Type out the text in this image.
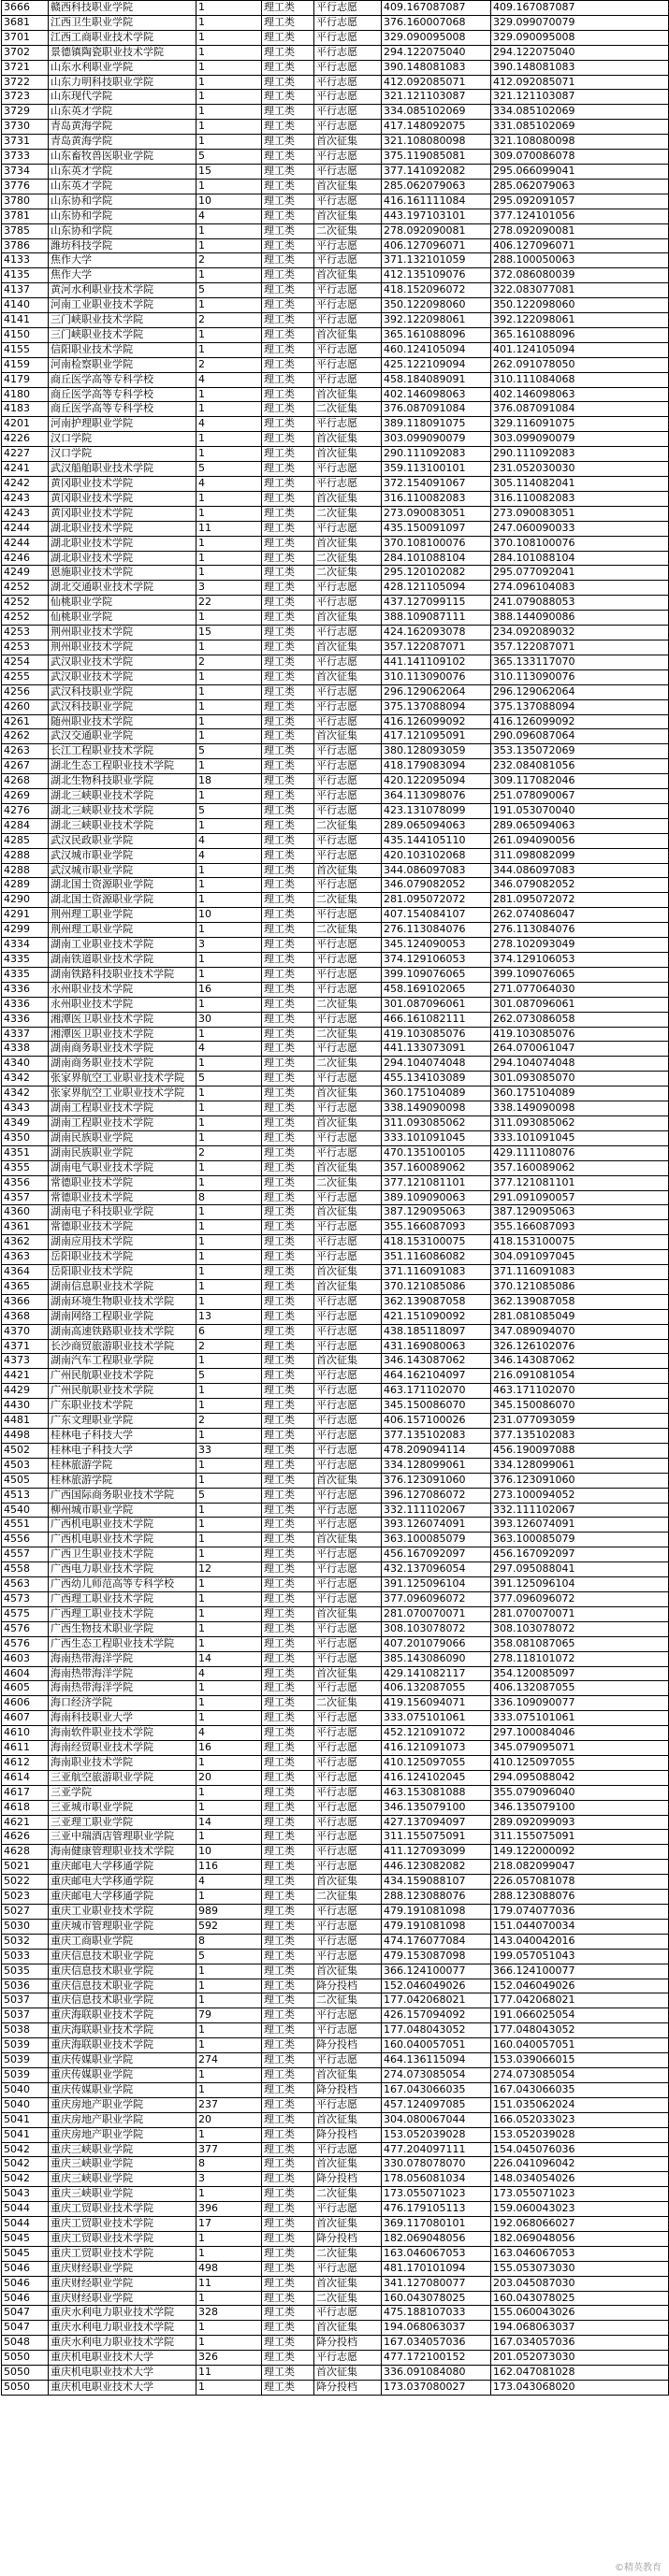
3666	赣西科技职业学院	1	理工类	平行志愿	409.167087087	409.167087087
3681	江西卫生职业学院	1	理工类	平行志愿	376.160007068	329.099070079
3701	江西工商职业技术学院	1	理工类	平行志愿	329.090095008	329.090095008
3702	景德镇陶瓷职业技术学院	1	理工类	平行志愿	294.122075040	294.122075040
3721	山东水利职业学院	1	理工类	平行志愿	390.148081083	390.148081083
3722	山东力明科技职业学院	1	理工类	平行志愿	412.092085071	412.092085071
3723	山东现代学院	1	理工类	平行志愿	321.121103087	321.121103087
3729	山东英才学院	1	理工类	平行志愿	334.085102069	334.085102069
3730	青岛黄海学院	1	理工类	平行志愿	417.148092075	331.085102069
3731	青岛黄海学院	1	理工类	首次征集	321.108080098	321.108080098
3733	山东畜牧兽医职业学院	5	理工类	平行志愿	375.119085081	309.070086078
3734	山东英才学院	15	理工类	平行志愿	377.141092082	295.066099041
3776	山东英才学院	1	理工类	首次征集	285.062079063	285.062079063
3780	山东协和学院	10	理工类	平行志愿	416.161111084	295.092091057
3781	山东协和学院	4	理工类	首次征集	443.197103101	377.124101056
3785	山东协和学院	1	理工类	二次征集	278.092090081	278.092090081
3786	潍坊科技学院	1	理工类	平行志愿	406.127096071	406.127096071
4133	焦作大学	2	理工类	平行志愿	371.132101059	288.100050063
4135	焦作大学	1	理工类	首次征集	412.135109076	372.086080039
4137	黄河水利职业技术学院	5	理工类	平行志愿	418.152096072	322.083077081
4140	河南工业职业技术学院	1	理工类	平行志愿	350.122098060	350.122098060
4141	三门峡职业技术学院	2	理工类	平行志愿	392.122098061	392.122098061
4150	三门峡职业技术学院	1	理工类	首次征集	365.161088096	365.161088096
4155	信阳职业技术学院	1	理工类	平行志愿	460.124105094	401.124105094
4159	河南检察职业学院	2	理工类	平行志愿	425.122109094	262.091078050
4179	商丘医学高等专科学校	4	理工类	平行志愿	458.184089091	310.111084068
4180	商丘医学高等专科学校	1	理工类	首次征集	402.146098063	402.146098063
4183	商丘医学高等专科学校	1	理工类	二次征集	376.087091084	376.087091084
4201	河南护理职业学院	4	理工类	平行志愿	389.118091075	329.116091075
4226	汉口学院	1	理工类	首次征集	303.099090079	303.099090079
4227	汉口学院	1	理工类	首次征集	290.111092083	290.111092083
4241	武汉船舶职业技术学院	5	理工类	平行志愿	359.113100101	231.052030030
4242	黄冈职业技术学院	4	理工类	平行志愿	372.154091067	305.114082041
4243	黄冈职业技术学院	1	理工类	首次征集	316.110082083	316.110082083
4243	黄冈职业技术学院	1	理工类	二次征集	273.090083051	273.090083051
4244	湖北职业技术学院	11	理工类	平行志愿	435.150091097	247.060090033
4244	湖北职业技术学院	1	理工类	首次征集	370.108100076	370.108100076
4246	湖北职业技术学院	1	理工类	二次征集	284.101088104	284.101088104
4249	恩施职业技术学院	1	理工类	二次征集	295.120102082	295.077092041
4252	湖北交通职业技术学院	3	理工类	平行志愿	428.121105094	274.096104083
4252	仙桃职业学院	22	理工类	平行志愿	437.127099115	241.079088053
4252	仙桃职业学院	1	理工类	首次征集	388.109087111	388.144090086
4253	荆州职业技术学院	15	理工类	平行志愿	424.162093078	234.092089032
4253	荆州职业技术学院	1	理工类	首次征集	357.122087071	357.122087071
4254	武汉职业技术学院	2	理工类	平行志愿	441.141109102	365.133117070
4255	武汉职业技术学院	1	理工类	首次征集	310.113090076	310.113090076
4256	武汉科技职业学院	1	理工类	平行志愿	296.129062064	296.129062064
4260	武汉科技职业学院	1	理工类	平行志愿	375.137088094	375.137088094
4261	随州职业技术学院	1	理工类	平行志愿	416.126099092	416.126099092
4262	武汉交通职业学院	1	理工类	首次征集	417.121095091	290.096087064
4263	长江工程职业技术学院	5	理工类	平行志愿	380.128093059	353.135072069
4267	湖北生态工程职业技术学院	1	理工类	平行志愿	418.179083094	232.084081056
4268	湖北生物科技职业学院	18	理工类	平行志愿	420.122095094	309.117082046
4269	湖北三峡职业技术学院	1	理工类	平行志愿	364.113098076	251.078090067
4276	湖北三峡职业技术学院	5	理工类	平行志愿	423.131078099	191.053070040
4284	湖北三峡职业技术学院	1	理工类	二次征集	289.065094063	289.065094063
4285	武汉民政职业学院	4	理工类	平行志愿	435.144105110	261.094090056
4288	武汉城市职业学院	4	理工类	平行志愿	420.103102068	311.098082099
4288	武汉城市职业学院	1	理工类	首次征集	344.086097083	344.086097083
4289	湖北国土资源职业学院	1	理工类	平行志愿	346.079082052	346.079082052
4290	湖北国土资源职业学院	1	理工类	二次征集	281.095072072	281.095072072
4291	荆州理工职业学院	10	理工类	平行志愿	407.154084107	262.074086047
4299	荆州理工职业学院	1	理工类	二次征集	276.113084076	276.113084076
4334	湖南工业职业技术学院	3	理工类	平行志愿	345.124090053	278.102093049
4335	湖南铁道职业技术学院	1	理工类	平行志愿	374.129106053	374.129106053
4335	湖南铁路科技职业技术学院	1	理工类	平行志愿	399.109076065	399.109076065
4336	永州职业技术学院	16	理工类	平行志愿	458.169102065	271.077064030
4336	永州职业技术学院	1	理工类	二次征集	301.087096061	301.087096061
4336	湘潭医卫职业技术学院	30	理工类	平行志愿	466.161082111	262.073086058
4337	湘潭医卫职业技术学院	1	理工类	二次征集	419.103085076	419.103085076
4338	湖南商务职业技术学院	4	理工类	平行志愿	441.133073091	264.070061047
4340	湖南商务职业技术学院	1	理工类	二次征集	294.104074048	294.104074048
4342	张家界航空工业职业技术学院	5	理工类	平行志愿	455.134103089	301.093085070
4342	张家界航空工业职业技术学院	1	理工类	首次征集	360.175104089	360.175104089
4343	湖南工程职业技术学院	1	理工类	平行志愿	338.149090098	338.149090098
4349	湖南工程职业技术学院	1	理工类	首次征集	311.093085062	311.093085062
4350	湖南民族职业学院	1	理工类	平行志愿	333.101091045	333.101091045
4351	湖南民族职业学院	2	理工类	平行志愿	470.135100105	429.111108076
4355	湖南电气职业技术学院	1	理工类	首次征集	357.160089062	357.160089062
4356	常德职业技术学院	1	理工类	二次征集	377.121081101	377.121081101
4357	常德职业技术学院	8	理工类	平行志愿	389.109090063	291.091090057
4360	湖南电子科技职业学院	1	理工类	首次征集	387.129095063	387.129095063
4361	常德职业技术学院	1	理工类	平行志愿	355.166087093	355.166087093
4362	湖南应用技术学院	1	理工类	平行志愿	418.153100075	418.153100075
4363	岳阳职业技术学院	1	理工类	平行志愿	351.116086082	304.091097045
4364	岳阳职业技术学院	1	理工类	首次征集	371.116091083	371.116091083
4365	湖南信息职业技术学院	1	理工类	首次征集	370.121085086	370.121085086
4366	湖南环境生物职业技术学院	1	理工类	平行志愿	362.139087058	362.139087058
4368	湖南网络工程职业学院	13	理工类	平行志愿	421.151090092	281.081085049
4370	湖南高速铁路职业技术学院	6	理工类	平行志愿	438.185118097	347.089094070
4371	长沙商贸旅游职业技术学院	2	理工类	平行志愿	431.169080063	326.126102076
4373	湖南汽车工程职业学院	1	理工类	首次征集	346.143087062	346.143087062
4421	广州民航职业技术学院	5	理工类	平行志愿	464.162104097	216.091081054
4429	广州民航职业技术学院	1	理工类	平行志愿	463.171102070	463.171102070
4430	广东职业技术学院	1	理工类	平行志愿	345.150086070	345.150086070
4481	广东文理职业学院	2	理工类	平行志愿	406.157100026	231.077093059
4498	桂林电子科技大学	1	理工类	平行志愿	377.135102083	377.135102083
4502	桂林电子科技大学	33	理工类	平行志愿	478.209094114	456.190097088
4503	桂林旅游学院	1	理工类	平行志愿	334.128099061	334.128099061
4505	桂林旅游学院	1	理工类	首次征集	376.123091060	376.123091060
4513	广西国际商务职业技术学院	5	理工类	平行志愿	396.127086072	273.100094052
4540	柳州城市职业学院	1	理工类	平行志愿	332.111102067	332.111102067
4551	广西机电职业技术学院	1	理工类	平行志愿	393.126074091	393.126074091
4556	广西机电职业技术学院	1	理工类	首次征集	363.100085079	363.100085079
4557	广西卫生职业技术学院	1	理工类	平行志愿	456.167092097	456.167092097
4558	广西电力职业技术学院	12	理工类	平行志愿	432.137096054	297.095088041
4563	广西幼儿师范高等专科学校	1	理工类	平行志愿	391.125096104	391.125096104
4573	广西理工职业技术学院	1	理工类	平行志愿	377.096096072	377.096096072
4575	广西理工职业技术学院	1	理工类	首次征集	281.070070071	281.070070071
4576	广西生物技术职业学院	1	理工类	平行志愿	308.103078072	308.103078072
4576	广西生态工程职业技术学院	1	理工类	平行志愿	407.201079066	358.081087065
4603	海南热带海洋学院	14	理工类	平行志愿	385.143086090	278.118101072
4604	海南热带海洋学院	4	理工类	首次征集	429.141082117	354.120085097
4605	海南热带海洋学院	1	理工类	平行志愿	406.132087055	406.132087055
4606	海口经济学院	1	理工类	二次征集	419.156094071	336.109090077
4607	海南科技职业大学	1	理工类	平行志愿	333.075101061	333.075101061
4610	海南软件职业技术学院	4	理工类	平行志愿	452.121091072	297.100084046
4611	海南经贸职业技术学院	16	理工类	平行志愿	416.121091073	345.079095071
4612	海南职业技术学院	1	理工类	平行志愿	410.125097055	410.125097055
4614	三亚航空旅游职业学院	20	理工类	平行志愿	416.124102045	294.095088042
4617	三亚学院	1	理工类	平行志愿	463.153081088	355.079096040
4618	三亚城市职业学院	1	理工类	平行志愿	346.135079100	346.135079100
4621	三亚理工职业学院	14	理工类	平行志愿	427.137094097	289.092099093
4626	三亚中瑞酒店管理职业学院	1	理工类	平行志愿	311.155075091	311.155075091
4628	海南健康管理职业技术学院	10	理工类	平行志愿	411.127093099	149.122000092
5021	重庆邮电大学移通学院	116	理工类	平行志愿	446.123082082	218.082099047
5022	重庆邮电大学移通学院	4	理工类	首次征集	434.159088107	226.057081078
5023	重庆邮电大学移通学院	1	理工类	二次征集	288.123088076	288.123088076
5027	重庆工业职业技术学院	989	理工类	平行志愿	479.191081098	179.074077036
5030	重庆城市管理职业学院	592	理工类	平行志愿	479.191081098	151.044070034
5032	重庆工商职业学院	8	理工类	平行志愿	474.176077084	143.040042016
5033	重庆信息技术职业学院	5	理工类	平行志愿	479.153087098	199.057051043
5035	重庆信息技术职业学院	1	理工类	首次征集	366.124100077	366.124100077
5036	重庆信息技术职业学院	1	理工类	降分投档	152.046049026	152.046049026
5037	重庆信息技术职业学院	1	理工类	二次征集	177.042068021	177.042068021
5037	重庆海联职业技术学院	79	理工类	平行志愿	426.157094092	191.066025054
5038	重庆海联职业技术学院	1	理工类	平行志愿	177.048043052	177.048043052
5039	重庆海联职业技术学院	1	理工类	降分投档	160.040057051	160.040057051
5039	重庆传媒职业学院	274	理工类	平行志愿	464.136115094	153.039066015
5039	重庆传媒职业学院	1	理工类	首次征集	274.073085054	274.073085054
5040	重庆传媒职业学院	1	理工类	降分投档	167.043066035	167.043066035
5040	重庆房地产职业学院	237	理工类	平行志愿	457.124097085	151.035062024
5041	重庆房地产职业学院	20	理工类	首次征集	304.080067044	166.052033023
5041	重庆房地产职业学院	1	理工类	降分投档	153.052039028	153.052039028
5042	重庆三峡职业学院	377	理工类	平行志愿	477.204097111	154.045076036
5042	重庆三峡职业学院	8	理工类	首次征集	330.078078070	226.041096042
5042	重庆三峡职业学院	3	理工类	降分投档	178.056081034	148.034054026
5043	重庆三峡职业学院	1	理工类	二次征集	173.055071023	173.055071023
5044	重庆工贸职业技术学院	396	理工类	平行志愿	476.179105113	159.060043023
5044	重庆工贸职业技术学院	17	理工类	首次征集	369.117080101	192.068066027
5045	重庆工贸职业技术学院	1	理工类	降分投档	182.069048056	182.069048056
5045	重庆工贸职业技术学院	1	理工类	二次征集	163.046067053	163.046067053
5046	重庆财经职业学院	498	理工类	平行志愿	481.170101094	155.053073030
5046	重庆财经职业学院	11	理工类	首次征集	341.127080077	203.045087030
5046	重庆财经职业学院	1	理工类	二次征集	160.043078025	160.043078025
5047	重庆水利电力职业技术学院	328	理工类	平行志愿	475.188107033	155.060043026
5047	重庆水利电力职业技术学院	1	理工类	首次征集	194.068063037	194.068063037
5048	重庆水利电力职业技术学院	1	理工类	降分投档	167.034057036	167.034057036
5050	重庆机电职业技术大学	326	理工类	平行志愿	477.172100152	201.052073030
5050	重庆机电职业技术大学	11	理工类	首次征集	336.091084080	162.047081028
5050	重庆机电职业技术大学	1	理工类	降分投档	173.037080027	173.043068020
©精英教育
